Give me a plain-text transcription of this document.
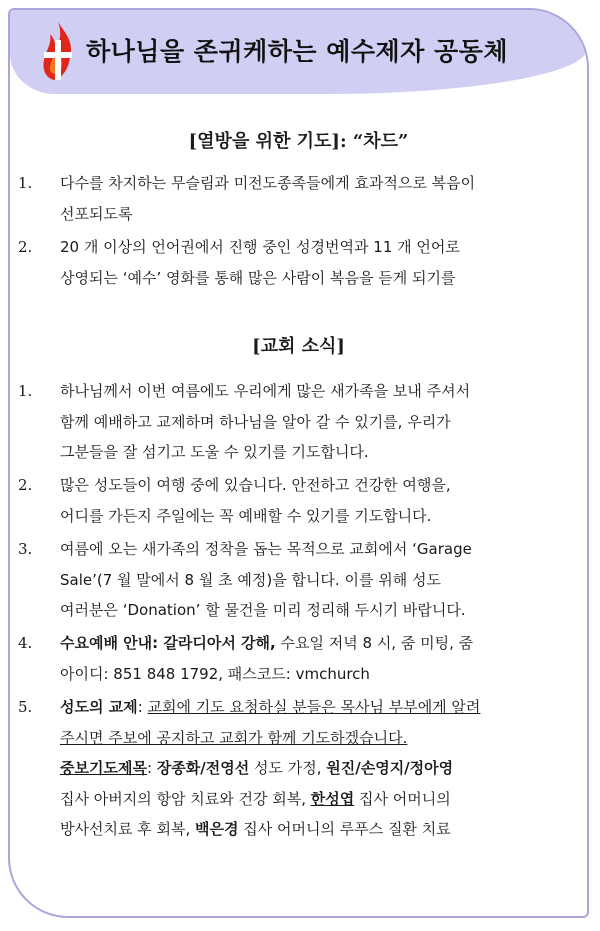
하나님을 존귀케하는 예수제자 공동체
[열방을 위한 기도]: “차드”
1. 다수를 차지하는 무슬림과 미전도종족들에게 효과적으로 복음이
선포되도록
2. 20 개 이상의 언어권에서 진행 중인 성경번역과 11 개 언어로
상영되는 ‘예수’ 영화를 통해 많은 사람이 복음을 듣게 되기를
[교회 소식]
1. 하나님께서 이번 여름에도 우리에게 많은 새가족을 보내 주셔서
함께 예배하고 교제하며 하나님을 알아 갈 수 있기를, 우리가
그분들을 잘 섬기고 도울 수 있기를 기도합니다.
2. 많은 성도들이 여행 중에 있습니다. 안전하고 건강한 여행을,
어디를 가든지 주일에는 꼭 예배할 수 있기를 기도합니다.
3. 여름에 오는 새가족의 정착을 돕는 목적으로 교회에서 ‘Garage
Sale’(7 월 말에서 8 월 초 예정)을 합니다. 이를 위해 성도
여러분은 ‘Donation’ 할 물건을 미리 정리해 두시기 바랍니다.
4. 수요예배 안내: 갈라디아서 강해, 수요일 저녁 8 시, 줌 미팅, 줌
아이디: 851 848 1792, 패스코드: vmchurch
5. 성도의 교제: 교회에 기도 요청하실 분들은 목사님 부부에게 알려
주시면 주보에 공지하고 교회가 함께 기도하겠습니다.
중보기도제목: 장종화/전영선 성도 가정, 원진/손영지/정아영
집사 아버지의 항암 치료와 건강 회복, 한성엽 집사 어머니의
방사선치료 후 회복, 백은경 집사 어머니의 루푸스 질환 치료
